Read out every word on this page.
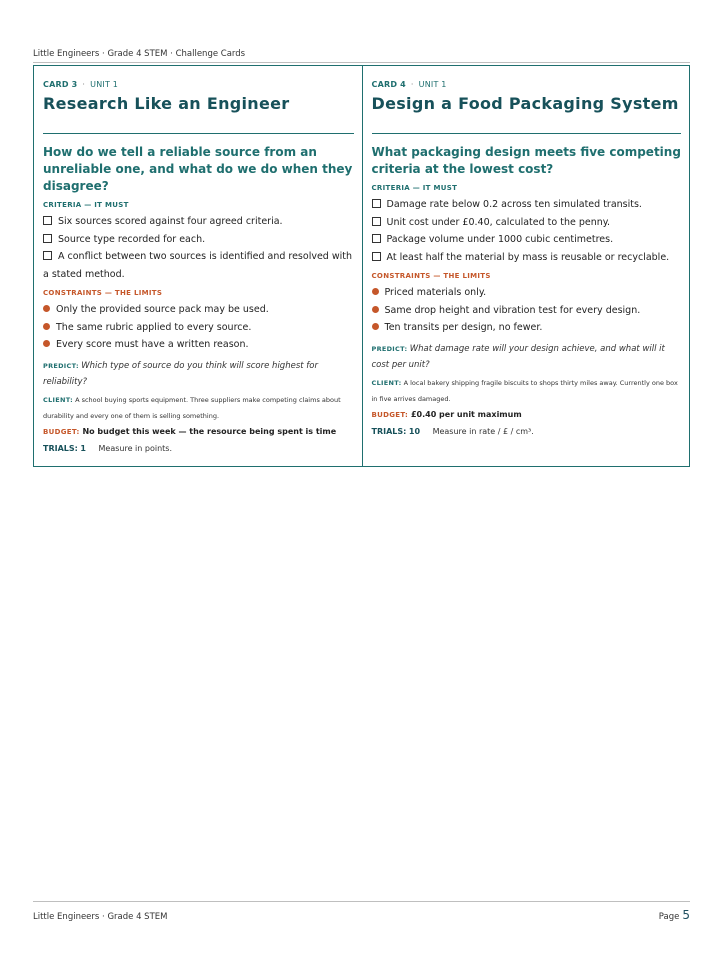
Little Engineers · Grade 4 STEM · Challenge Cards
CARD 3 · UNIT 1
Research Like an Engineer
How do we tell a reliable source from an unreliable one, and what do we do when they disagree?
CRITERIA — IT MUST
Six sources scored against four agreed criteria.
Source type recorded for each.
A conflict between two sources is identified and resolved with a stated method.
CONSTRAINTS — THE LIMITS
Only the provided source pack may be used.
The same rubric applied to every source.
Every score must have a written reason.
PREDICT: Which type of source do you think will score highest for reliability?
CLIENT: A school buying sports equipment. Three suppliers make competing claims about durability and every one of them is selling something.
BUDGET: No budget this week — the resource being spent is time
TRIALS: 1 Measure in points.
CARD 4 · UNIT 1
Design a Food Packaging System
What packaging design meets five competing criteria at the lowest cost?
CRITERIA — IT MUST
Damage rate below 0.2 across ten simulated transits.
Unit cost under £0.40, calculated to the penny.
Package volume under 1000 cubic centimetres.
At least half the material by mass is reusable or recyclable.
CONSTRAINTS — THE LIMITS
Priced materials only.
Same drop height and vibration test for every design.
Ten transits per design, no fewer.
PREDICT: What damage rate will your design achieve, and what will it cost per unit?
CLIENT: A local bakery shipping fragile biscuits to shops thirty miles away. Currently one box in five arrives damaged.
BUDGET: £0.40 per unit maximum
TRIALS: 10 Measure in rate / £ / cm³.
Little Engineers · Grade 4 STEM	Page 5
